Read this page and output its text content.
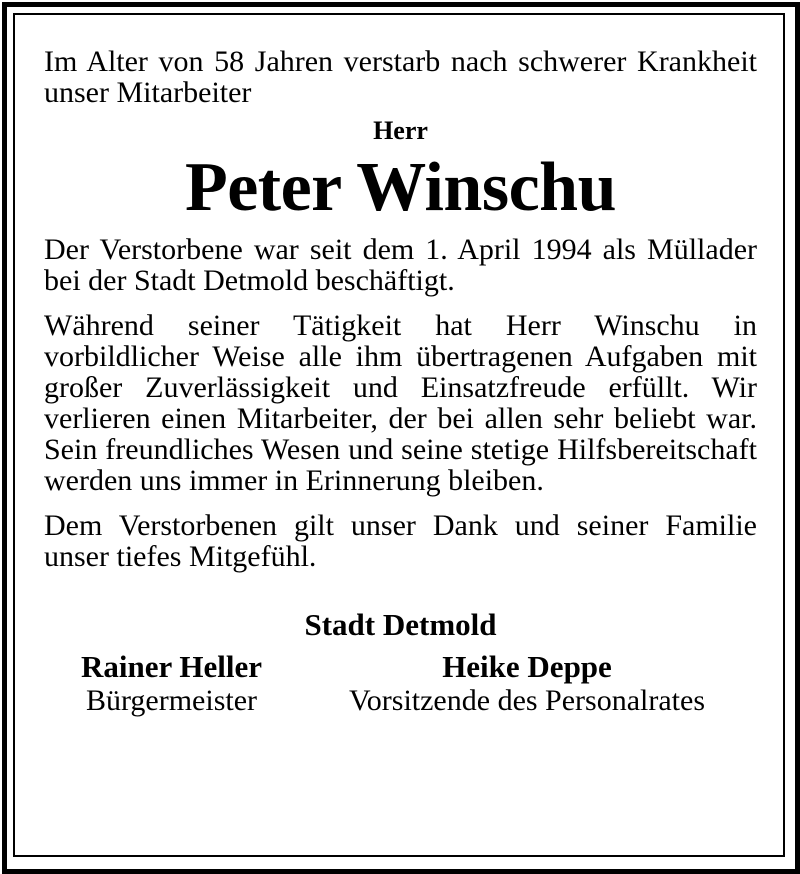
Im Alter von 58 Jahren verstarb nach schwerer Krankheit unser Mitarbeiter

Herr

Peter Winschu

Der Verstorbene war seit dem 1. April 1994 als Müllader bei der Stadt Detmold beschäftigt.

Während seiner Tätigkeit hat Herr Winschu in vorbildlicher Weise alle ihm übertragenen Aufgaben mit großer Zuverlässigkeit und Einsatzfreude erfüllt. Wir verlieren einen Mitarbeiter, der bei allen sehr beliebt war. Sein freundliches Wesen und seine stetige Hilfsbereitschaft werden uns immer in Erinnerung bleiben.

Dem Verstorbenen gilt unser Dank und seiner Familie unser tiefes Mitgefühl.

Stadt Detmold
Rainer Heller
Bürgermeister
Heike Deppe
Vorsitzende des Personalrates
